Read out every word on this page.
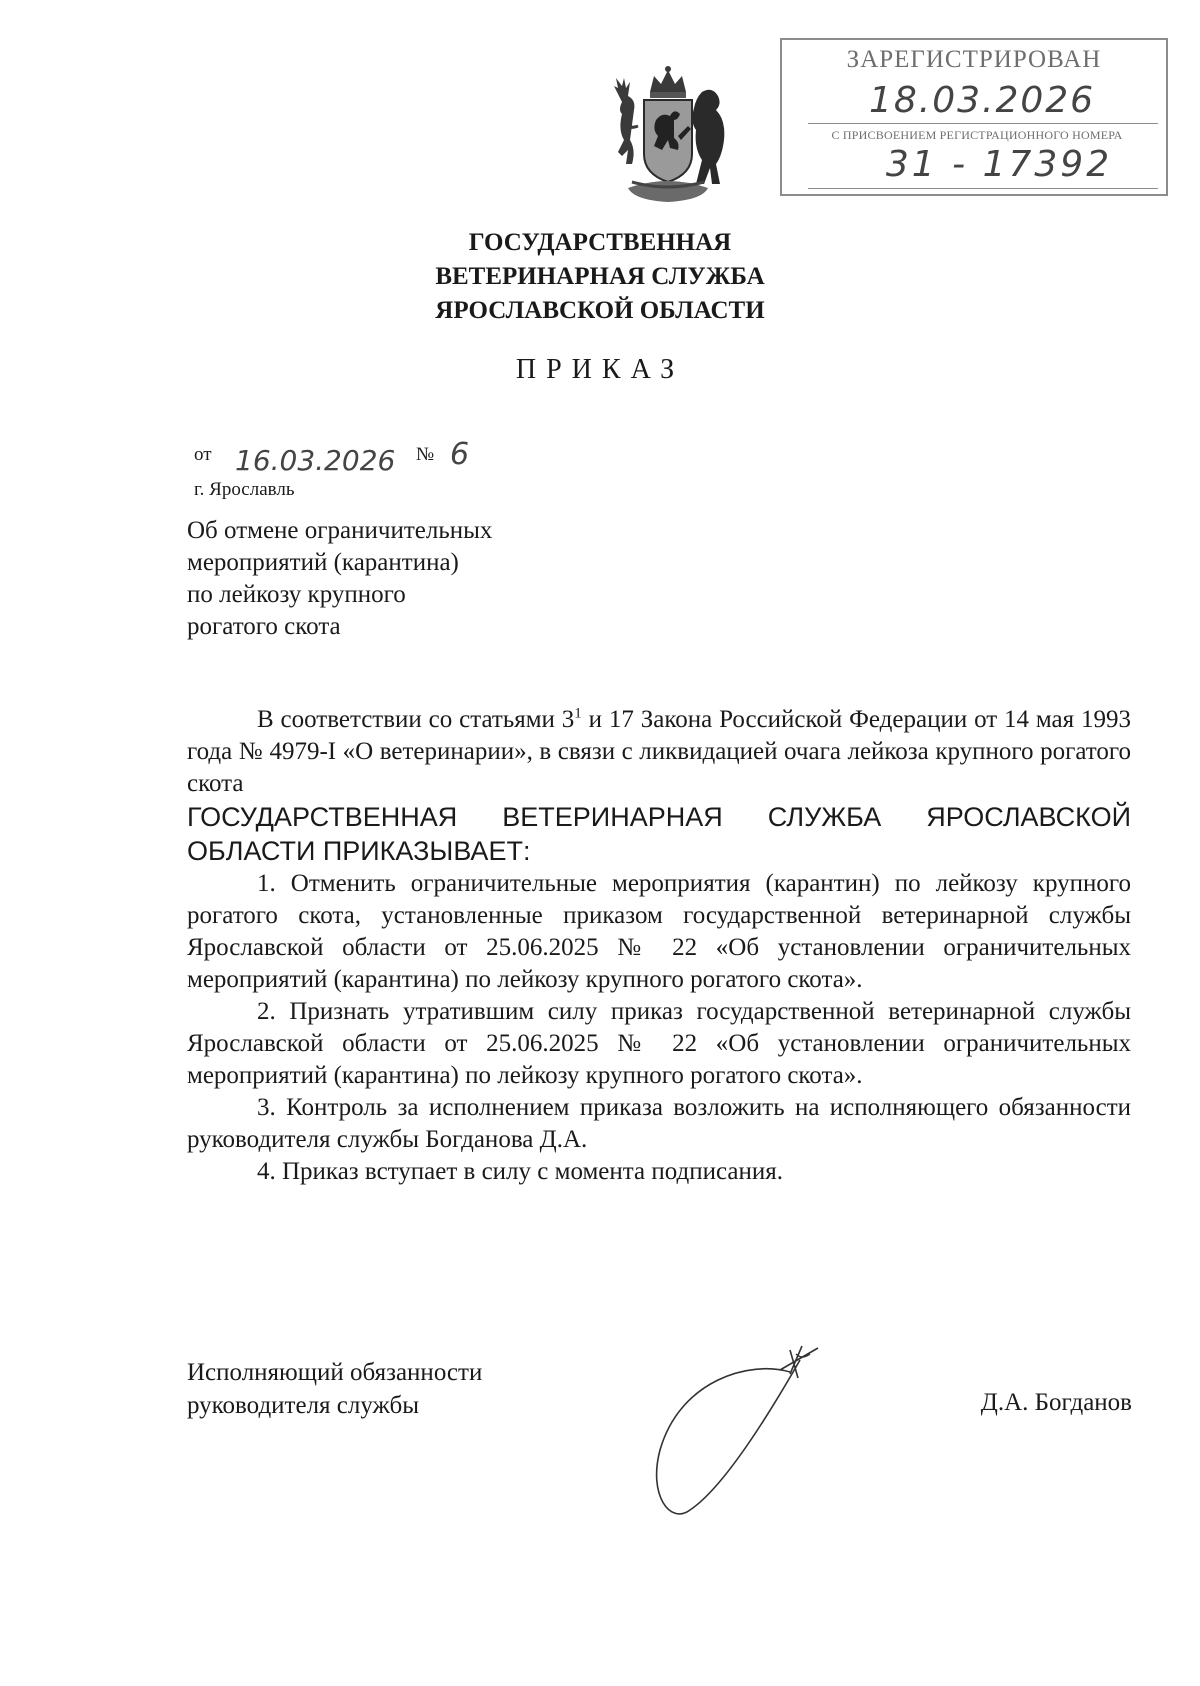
ЗАРЕГИСТРИРОВАН
18.03.2026
С ПРИСВОЕНИЕМ РЕГИСТРАЦИОННОГО НОМЕРА
31 - 17392
ГОСУДАРСТВЕННАЯ
ВЕТЕРИНАРНАЯ СЛУЖБА
ЯРОСЛАВСКОЙ ОБЛАСТИ
ПРИКАЗ
от 16.03.2026 № 6
г. Ярославль
Об отмене ограничительных
мероприятий (карантина)
по лейкозу крупного
рогатого скота

В соответствии со статьями $3^1$ и 17 Закона Российской Федерации от 14 мая 1993 года № 4979-I «О ветеринарии», в связи с ликвидацией очага лейкоза крупного рогатого скота

ГОСУДАРСТВЕННАЯ ВЕТЕРИНАРНАЯ СЛУЖБА ЯРОСЛАВСКОЙ ОБЛАСТИ ПРИКАЗЫВАЕТ:

1. Отменить ограничительные мероприятия (карантин) по лейкозу крупного рогатого скота, установленные приказом государственной ветеринарной службы Ярославской области от 25.06.2025 № 22 «Об установлении ограничительных мероприятий (карантина) по лейкозу крупного рогатого скота».

2. Признать утратившим силу приказ государственной ветеринарной службы Ярославской области от 25.06.2025 № 22 «Об установлении ограничительных мероприятий (карантина) по лейкозу крупного рогатого скота».

3. Контроль за исполнением приказа возложить на исполняющего обязанности руководителя службы Богданова Д.А.

4. Приказ вступает в силу с момента подписания.

Исполняющий обязанности
руководителя службы	Д.А. Богданов
